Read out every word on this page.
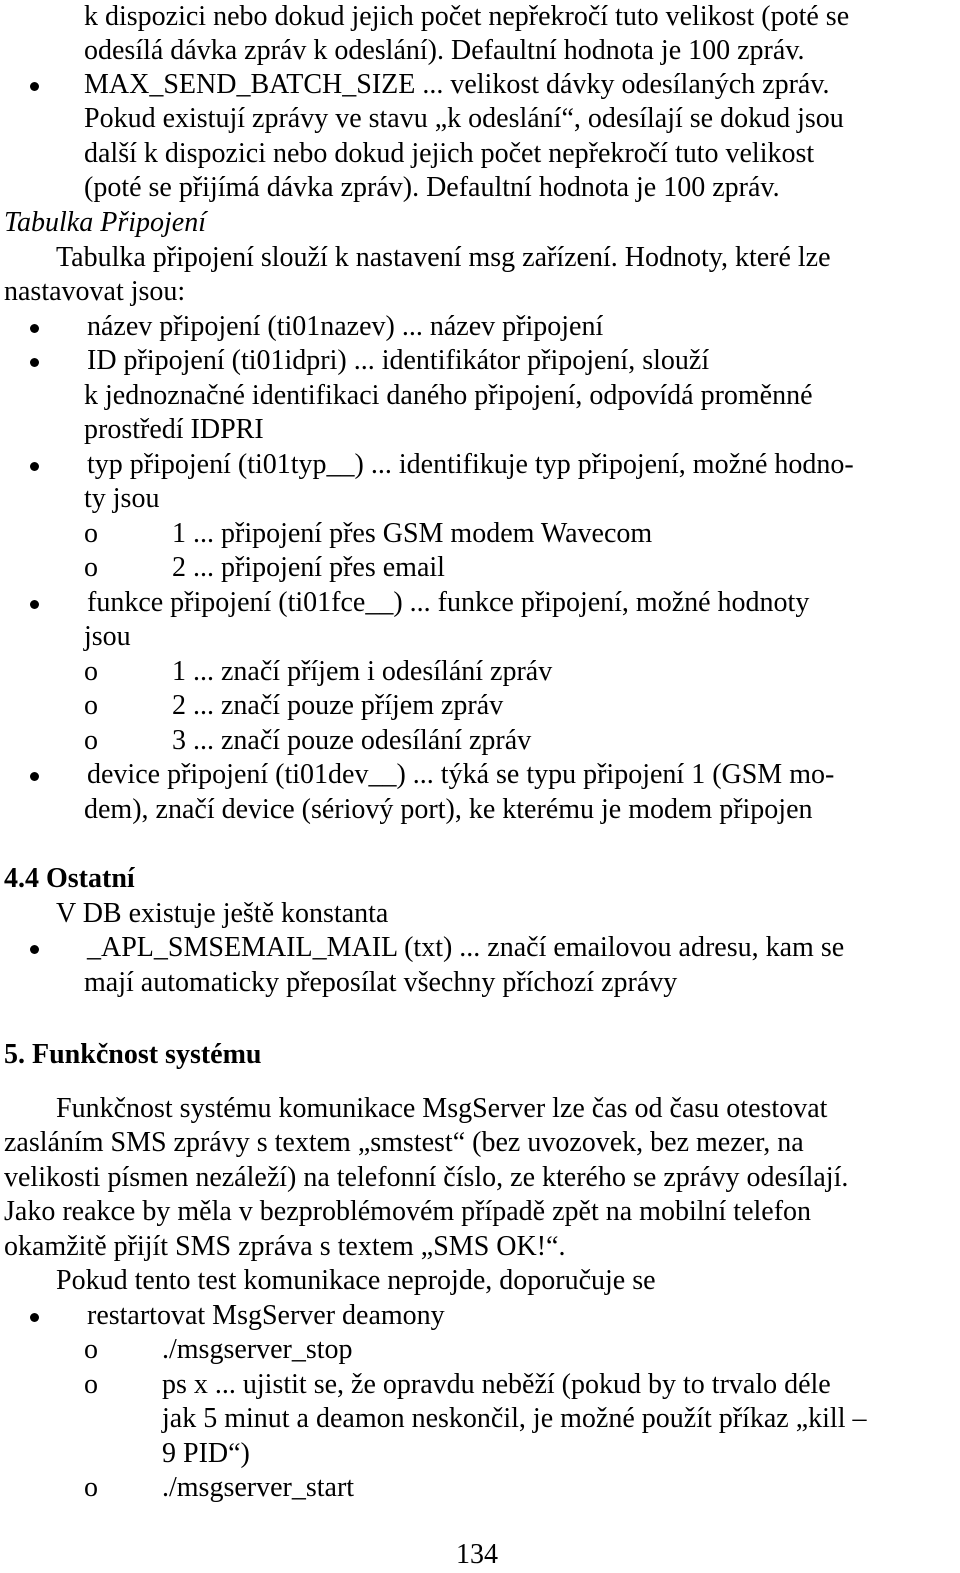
k dispozici nebo dokud jejich počet nepřekročí tuto velikost (poté se
odesílá dávka zpráv k odeslání). Defaultní hodnota je 100 zpráv.
MAX_SEND_BATCH_SIZE ... velikost dávky odesílaných zpráv.
Pokud existují zprávy ve stavu „k odeslání“, odesílají se dokud jsou
další k dispozici nebo dokud jejich počet nepřekročí tuto velikost
(poté se přijímá dávka zpráv). Defaultní hodnota je 100 zpráv.
Tabulka Připojení
Tabulka připojení slouží k nastavení msg zařízení. Hodnoty, které lze
nastavovat jsou:
název připojení (ti01nazev) ... název připojení
ID připojení (ti01idpri) ... identifikátor připojení, slouží
k jednoznačné identifikaci daného připojení, odpovídá proměnné
prostředí IDPRI
typ připojení (ti01typ__) ... identifikuje typ připojení, možné hodno-
ty jsou
o	1 ... připojení přes GSM modem Wavecom
o	2 ... připojení přes email
funkce připojení (ti01fce__) ... funkce připojení, možné hodnoty
jsou
o	1 ... značí příjem i odesílání zpráv
o	2 ... značí pouze příjem zpráv
o	3 ... značí pouze odesílání zpráv
device připojení (ti01dev__) ... týká se typu připojení 1 (GSM mo-
dem), značí device (sériový port), ke kterému je modem připojen
4.4 Ostatní
V DB existuje ještě konstanta
_APL_SMSEMAIL_MAIL (txt) ... značí emailovou adresu, kam se
mají automaticky přeposílat všechny příchozí zprávy
5. Funkčnost systému
Funkčnost systému komunikace MsgServer lze čas od času otestovat
zasláním SMS zprávy s textem „smstest“ (bez uvozovek, bez mezer, na
velikosti písmen nezáleží) na telefonní číslo, ze kterého se zprávy odesílají.
Jako reakce by měla v bezproblémovém případě zpět na mobilní telefon
okamžitě přijít SMS zpráva s textem „SMS OK!“.
Pokud tento test komunikace neprojde, doporučuje se
restartovat MsgServer deamony
o ./msgserver_stop
o ps x ... ujistit se, že opravdu neběží (pokud by to trvalo déle
jak 5 minut a deamon neskončil, je možné použít příkaz „kill –
9 PID“)
o ./msgserver_start
134
